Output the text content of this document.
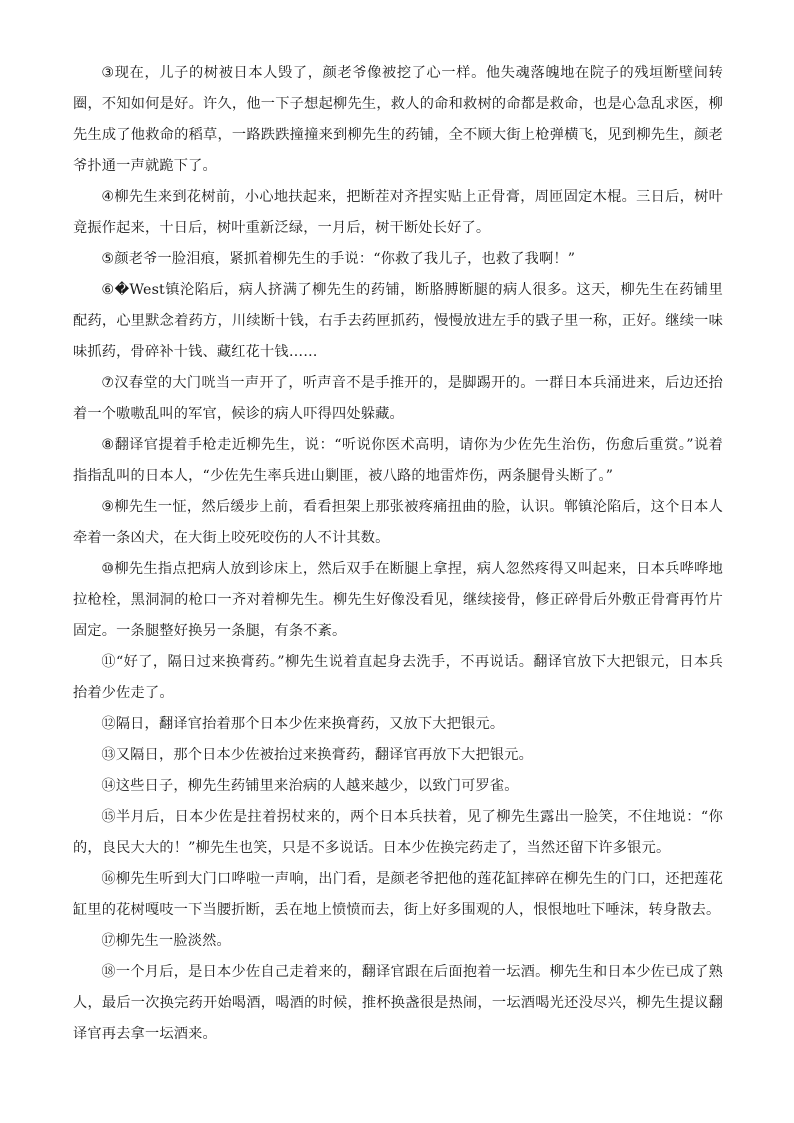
③现在，儿子的树被日本人毁了，颜老爷像被挖了心一样。他失魂落魄地在院子的残垣断壁间转圈，不知如何是好。许久，他一下子想起柳先生，救人的命和救树的命都是救命，也是心急乱求医，柳先生成了他救命的稻草，一路跌跌撞撞来到柳先生的药铺，全不顾大街上枪弹横飞，见到柳先生，颜老爷扑通一声就跪下了。

④柳先生来到花树前，小心地扶起来，把断茬对齐捏实贴上正骨膏，周匝固定木棍。三日后，树叶竟振作起来，十日后，树叶重新泛绿，一月后，树干断处长好了。

⑤颜老爷一脸泪痕，紧抓着柳先生的手说：“你救了我儿子，也救了我啊！”

⑥�West镇沦陷后，病人挤满了柳先生的药铺，断胳膊断腿的病人很多。这天，柳先生在药铺里配药，心里默念着药方，川续断十钱，右手去药匣抓药，慢慢放进左手的戥子里一称，正好。继续一味味抓药，骨碎补十钱、藏红花十钱……

⑦汉春堂的大门咣当一声开了，听声音不是手推开的，是脚踢开的。一群日本兵涌进来，后边还抬着一个嗷嗷乱叫的军官，候诊的病人吓得四处躲藏。

⑧翻译官提着手枪走近柳先生，说：“听说你医术高明，请你为少佐先生治伤，伤愈后重赏。”说着指指乱叫的日本人，“少佐先生率兵进山剿匪，被八路的地雷炸伤，两条腿骨头断了。”

⑨柳先生一怔，然后缓步上前，看看担架上那张被疼痛扭曲的脸，认识。郸镇沦陷后，这个日本人牵着一条凶犬，在大街上咬死咬伤的人不计其数。

⑩柳先生指点把病人放到诊床上，然后双手在断腿上拿捏，病人忽然疼得又叫起来，日本兵哗哗地拉枪栓，黑洞洞的枪口一齐对着柳先生。柳先生好像没看见，继续接骨，修正碎骨后外敷正骨膏再竹片固定。一条腿整好换另一条腿，有条不紊。

⑪“好了，隔日过来换膏药。”柳先生说着直起身去洗手，不再说话。翻译官放下大把银元，日本兵抬着少佐走了。

⑫隔日，翻译官抬着那个日本少佐来换膏药，又放下大把银元。

⑬又隔日，那个日本少佐被抬过来换膏药，翻译官再放下大把银元。

⑭这些日子，柳先生药铺里来治病的人越来越少，以致门可罗雀。

⑮半月后，日本少佐是拄着拐杖来的，两个日本兵扶着，见了柳先生露出一脸笑，不住地说：“你的，良民大大的！”柳先生也笑，只是不多说话。日本少佐换完药走了，当然还留下许多银元。

⑯柳先生听到大门口哗啦一声响，出门看，是颜老爷把他的莲花缸摔碎在柳先生的门口，还把莲花缸里的花树嘎吱一下当腰折断，丢在地上愤愤而去，街上好多围观的人，恨恨地吐下唾沫，转身散去。

⑰柳先生一脸淡然。

⑱一个月后，是日本少佐自己走着来的，翻译官跟在后面抱着一坛酒。柳先生和日本少佐已成了熟人，最后一次换完药开始喝酒，喝酒的时候，推杯换盏很是热闹，一坛酒喝光还没尽兴，柳先生提议翻译官再去拿一坛酒来。
